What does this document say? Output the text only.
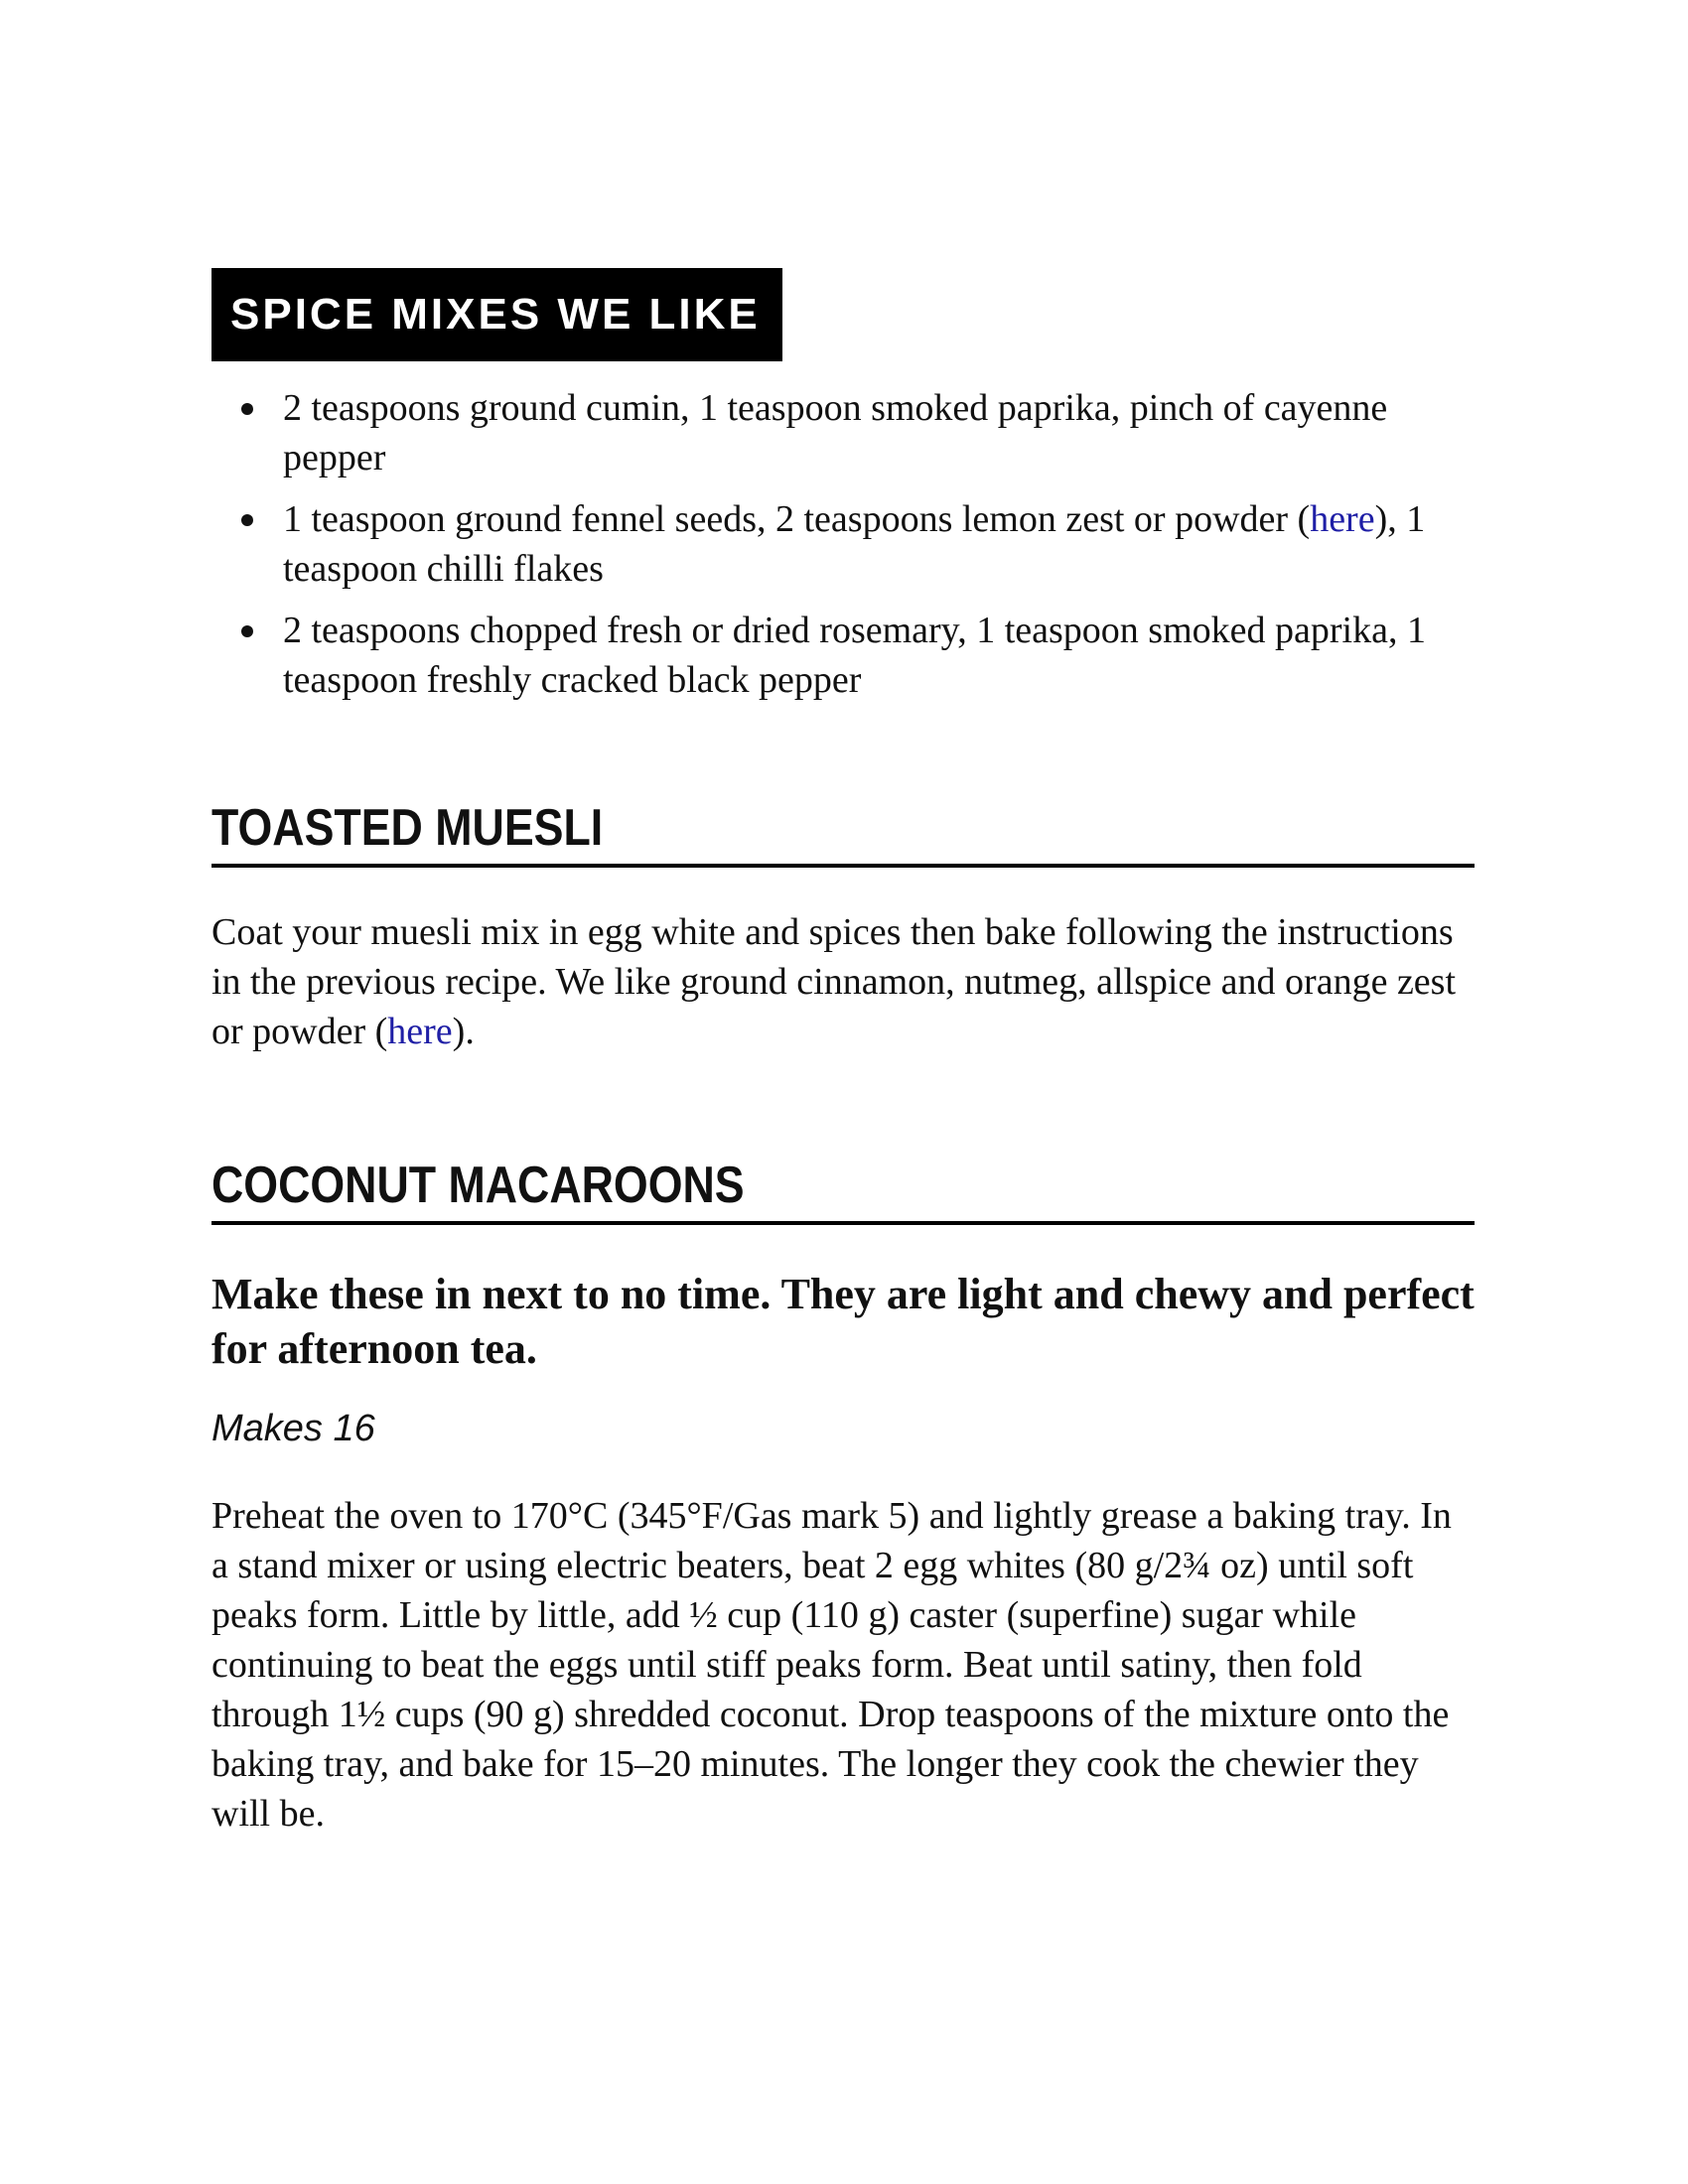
SPICE MIXES WE LIKE
2 teaspoons ground cumin, 1 teaspoon smoked paprika, pinch of cayenne pepper
1 teaspoon ground fennel seeds, 2 teaspoons lemon zest or powder (here), 1 teaspoon chilli flakes
2 teaspoons chopped fresh or dried rosemary, 1 teaspoon smoked paprika, 1 teaspoon freshly cracked black pepper
TOASTED MUESLI

Coat your muesli mix in egg white and spices then bake following the instructions in the previous recipe. We like ground cinnamon, nutmeg, allspice and orange zest or powder (here).

COCONUT MACAROONS

Make these in next to no time. They are light and chewy and perfect for afternoon tea.

Makes 16

Preheat the oven to 170°C (345°F/Gas mark 5) and lightly grease a baking tray. In a stand mixer or using electric beaters, beat 2 egg whites (80 g/2¾ oz) until soft peaks form. Little by little, add ½ cup (110 g) caster (superfine) sugar while continuing to beat the eggs until stiff peaks form. Beat until satiny, then fold through 1½ cups (90 g) shredded coconut. Drop teaspoons of the mixture onto the baking tray, and bake for 15–20 minutes. The longer they cook the chewier they will be.
